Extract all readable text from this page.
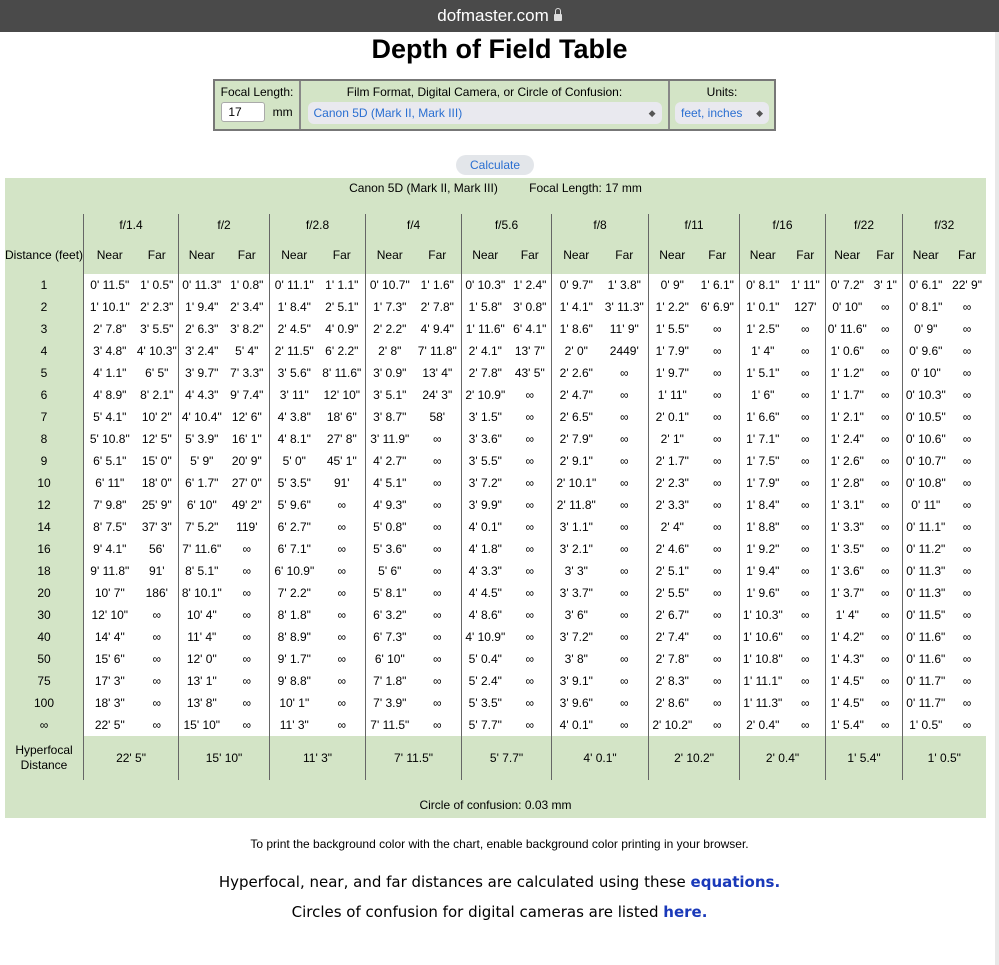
dofmaster.com
Depth of Field Table
Focal Length:
17 mm
Film Format, Digital Camera, or Circle of Confusion:
Canon 5D (Mark II, Mark III)	◆
Units:
feet, inches ◆
Calculate
Canon 5D (Mark II, Mark III)	Focal Length: 17 mm
	f/1.4		f/2		f/2.8		f/4		f/5.6		f/8		f/11		f/16		f/22		f/32	
Distance (feet)	Near	Far	Near	Far	Near	Far	Near	Far	Near	Far	Near	Far	Near	Far	Near	Far	Near	Far	Near	Far
1	0' 11.5"	1' 0.5"	0' 11.3"	1' 0.8"	0' 11.1"	1' 1.1"	0' 10.7"	1' 1.6"	0' 10.3"	1' 2.4"	0' 9.7"	1' 3.8"	0' 9"	1' 6.1"	0' 8.1"	1' 11"	0' 7.2"	3' 1"	0' 6.1"	22' 9"
2	1' 10.1"	2' 2.3"	1' 9.4"	2' 3.4"	1' 8.4"	2' 5.1"	1' 7.3"	2' 7.8"	1' 5.8"	3' 0.8"	1' 4.1"	3' 11.3"	1' 2.2"	6' 6.9"	1' 0.1"	127'	0' 10"	∞	0' 8.1"	∞
3	2' 7.8"	3' 5.5"	2' 6.3"	3' 8.2"	2' 4.5"	4' 0.9"	2' 2.2"	4' 9.4"	1' 11.6"	6' 4.1"	1' 8.6"	11' 9"	1' 5.5"	∞	1' 2.5"	∞	0' 11.6"	∞	0' 9"	∞
4	3' 4.8"	4' 10.3"	3' 2.4"	5' 4"	2' 11.5"	6' 2.2"	2' 8"	7' 11.8"	2' 4.1"	13' 7"	2' 0"	2449'	1' 7.9"	∞	1' 4"	∞	1' 0.6"	∞	0' 9.6"	∞
5	4' 1.1"	6' 5"	3' 9.7"	7' 3.3"	3' 5.6"	8' 11.6"	3' 0.9"	13' 4"	2' 7.8"	43' 5"	2' 2.6"	∞	1' 9.7"	∞	1' 5.1"	∞	1' 1.2"	∞	0' 10"	∞
6	4' 8.9"	8' 2.1"	4' 4.3"	9' 7.4"	3' 11"	12' 10"	3' 5.1"	24' 3"	2' 10.9"	∞	2' 4.7"	∞	1' 11"	∞	1' 6"	∞	1' 1.7"	∞	0' 10.3"	∞
7	5' 4.1"	10' 2"	4' 10.4"	12' 6"	4' 3.8"	18' 6"	3' 8.7"	58'	3' 1.5"	∞	2' 6.5"	∞	2' 0.1"	∞	1' 6.6"	∞	1' 2.1"	∞	0' 10.5"	∞
8	5' 10.8"	12' 5"	5' 3.9"	16' 1"	4' 8.1"	27' 8"	3' 11.9"	∞	3' 3.6"	∞	2' 7.9"	∞	2' 1"	∞	1' 7.1"	∞	1' 2.4"	∞	0' 10.6"	∞
9	6' 5.1"	15' 0"	5' 9"	20' 9"	5' 0"	45' 1"	4' 2.7"	∞	3' 5.5"	∞	2' 9.1"	∞	2' 1.7"	∞	1' 7.5"	∞	1' 2.6"	∞	0' 10.7"	∞
10	6' 11"	18' 0"	6' 1.7"	27' 0"	5' 3.5"	91'	4' 5.1"	∞	3' 7.2"	∞	2' 10.1"	∞	2' 2.3"	∞	1' 7.9"	∞	1' 2.8"	∞	0' 10.8"	∞
12	7' 9.8"	25' 9"	6' 10"	49' 2"	5' 9.6"	∞	4' 9.3"	∞	3' 9.9"	∞	2' 11.8"	∞	2' 3.3"	∞	1' 8.4"	∞	1' 3.1"	∞	0' 11"	∞
14	8' 7.5"	37' 3"	7' 5.2"	119'	6' 2.7"	∞	5' 0.8"	∞	4' 0.1"	∞	3' 1.1"	∞	2' 4"	∞	1' 8.8"	∞	1' 3.3"	∞	0' 11.1"	∞
16	9' 4.1"	56'	7' 11.6"	∞	6' 7.1"	∞	5' 3.6"	∞	4' 1.8"	∞	3' 2.1"	∞	2' 4.6"	∞	1' 9.2"	∞	1' 3.5"	∞	0' 11.2"	∞
18	9' 11.8"	91'	8' 5.1"	∞	6' 10.9"	∞	5' 6"	∞	4' 3.3"	∞	3' 3"	∞	2' 5.1"	∞	1' 9.4"	∞	1' 3.6"	∞	0' 11.3"	∞
20	10' 7"	186'	8' 10.1"	∞	7' 2.2"	∞	5' 8.1"	∞	4' 4.5"	∞	3' 3.7"	∞	2' 5.5"	∞	1' 9.6"	∞	1' 3.7"	∞	0' 11.3"	∞
30	12' 10"	∞	10' 4"	∞	8' 1.8"	∞	6' 3.2"	∞	4' 8.6"	∞	3' 6"	∞	2' 6.7"	∞	1' 10.3"	∞	1' 4"	∞	0' 11.5"	∞
40	14' 4"	∞	11' 4"	∞	8' 8.9"	∞	6' 7.3"	∞	4' 10.9"	∞	3' 7.2"	∞	2' 7.4"	∞	1' 10.6"	∞	1' 4.2"	∞	0' 11.6"	∞
50	15' 6"	∞	12' 0"	∞	9' 1.7"	∞	6' 10"	∞	5' 0.4"	∞	3' 8"	∞	2' 7.8"	∞	1' 10.8"	∞	1' 4.3"	∞	0' 11.6"	∞
75	17' 3"	∞	13' 1"	∞	9' 8.8"	∞	7' 1.8"	∞	5' 2.4"	∞	3' 9.1"	∞	2' 8.3"	∞	1' 11.1"	∞	1' 4.5"	∞	0' 11.7"	∞
100	18' 3"	∞	13' 8"	∞	10' 1"	∞	7' 3.9"	∞	5' 3.5"	∞	3' 9.6"	∞	2' 8.6"	∞	1' 11.3"	∞	1' 4.5"	∞	0' 11.7"	∞
∞	22' 5"	∞	15' 10"	∞	11' 3"	∞	7' 11.5"	∞	5' 7.7"	∞	4' 0.1"	∞	2' 10.2"	∞	2' 0.4"	∞	1' 5.4"	∞	1' 0.5"	∞
Hyperfocal Distance	22' 5"		15' 10"		11' 3"		7' 11.5"		5' 7.7"		4' 0.1"		2' 10.2"		2' 0.4"		1' 5.4"		1' 0.5"	
Circle of confusion: 0.03 mm
To print the background color with the chart, enable background color printing in your browser.
Hyperfocal, near, and far distances are calculated using these equations.
Circles of confusion for digital cameras are listed here.
